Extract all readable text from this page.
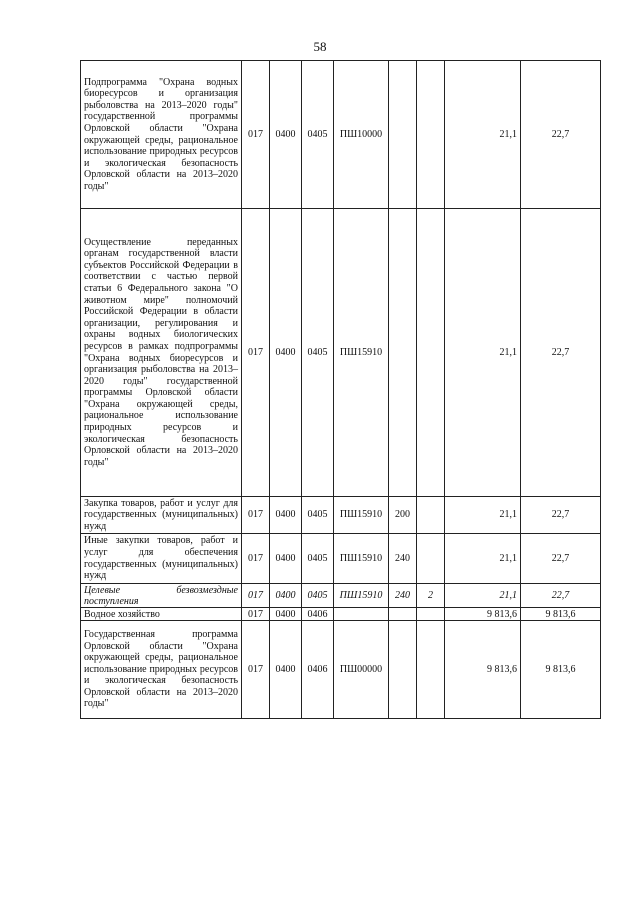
58
Подпрограмма "Охрана водных биоресурсов и организация рыболовства на 2013–2020 годы" государственной программы Орловской области "Охрана окружающей среды, рациональное использование природных ресурсов и экологическая безопасность Орловской области на 2013–2020 годы"	017	0400	0405	ПШ10000			21,1	22,7
Осуществление переданных органам государственной власти субъектов Российской Федерации в соответствии с частью первой статьи 6 Федерального закона "О животном мире" полномочий Российской Федерации в области организации, регулирования и охраны водных биологических ресурсов в рамках подпрограммы "Охрана водных биоресурсов и организация рыболовства на 2013–2020 годы" государственной программы Орловской области "Охрана окружающей среды, рациональное использование природных ресурсов и экологическая безопасность Орловской области на 2013–2020 годы"	017	0400	0405	ПШ15910			21,1	22,7
Закупка товаров, работ и услуг для государственных (муниципальных) нужд	017	0400	0405	ПШ15910	200		21,1	22,7
Иные закупки товаров, работ и услуг для обеспечения государственных (муниципальных) нужд	017	0400	0405	ПШ15910	240		21,1	22,7
Целевые безвозмездные поступления	017	0400	0405	ПШ15910	240	2	21,1	22,7
Водное хозяйство	017	0400	0406				9 813,6	9 813,6
Государственная программа Орловской области "Охрана окружающей среды, рациональное использование природных ресурсов и экологическая безопасность Орловской области на 2013–2020 годы"	017	0400	0406	ПШ00000			9 813,6	9 813,6
